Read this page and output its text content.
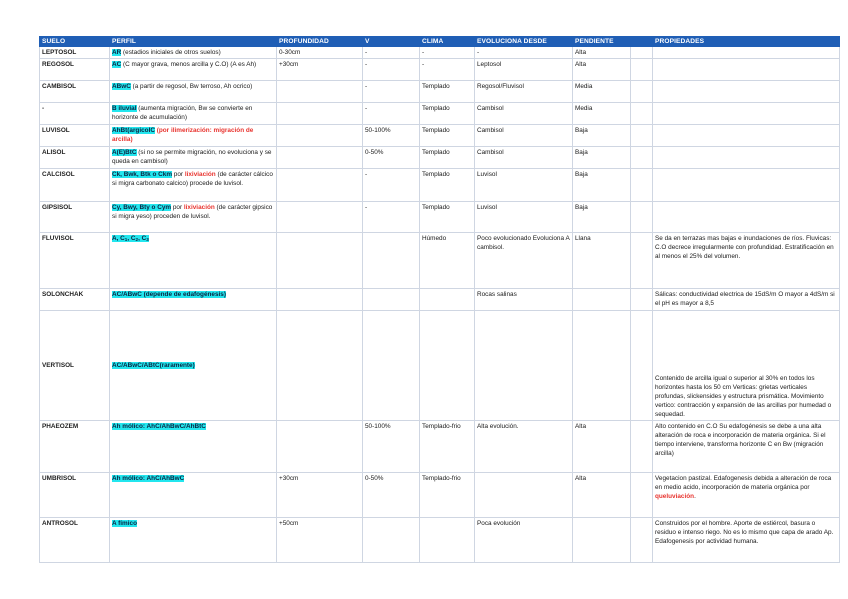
SUELO	PERFIL	PROFUNDIDAD	V	CLIMA	EVOLUCIONA DESDE	PENDIENTE		PROPIEDADES
LEPTOSOL	AR (estadios iniciales de otros suelos)	0-30cm	-	-	-	Alta		
REGOSOL	AC (C mayor grava, menos arcilla y C.O) (A es Ah)	+30cm	-	-	Leptosol	Alta		
CAMBISOL	ABwC (a partir de regosol, Bw terroso, Ah ocrico)		-	Templado	Regosol/Fluvisol	Media		
-	B iluvial (aumenta migración, Bw se convierte en horizonte de acumulación)		-	Templado	Cambisol	Media		
LUVISOL	AhBt(argicoIC (por ilimerización: migración de arcilla)		50-100%	Templado	Cambisol	Baja		
ALISOL	A(E)BtC (si no se permite migración, no evoluciona y se queda en cambisol)		0-50%	Templado	Cambisol	Baja		
CALCISOL	Ck, Bwk, Btk o Ckm por lixiviación (de carácter cálcico si migra carbonato calcico) procede de luvisol.		-	Templado	Luvisol	Baja		
GIPSISOL	Cy, Bwy, Bty o Cym por lixiviación (de carácter gipsico si migra yeso) proceden de luvisol.		-	Templado	Luvisol	Baja		
FLUVISOL	A, $C_1$, $C_2$, $C_3$			Húmedo	Poco evolucionado Evoluciona A cambisol.	Llana		Se da en terrazas mas bajas e inundaciones de ríos. Fluvicas: C.O decrece irregularmente con profundidad. Estratificación en al menos el 25% del volumen.
SOLONCHAK	AC/ABwC (depende de edafogénesis)				Rocas salinas			Sálicas: conductividad electrica de 15dS/m O mayor a 4dS/m si el pH es mayor a 8,5
VERTISOL	AC/ABwC/ABtC(raramente)							Contenido de arcilla igual o superior al 30% en todos los horizontes hasta los 50 cm Verticas: grietas verticales profundas, slickensides y estructura prismática. Movimiento vertico: contracción y expansión de las arcillas por humedad o sequedad.
PHAEOZEM	Ah mólico: AhC/AhBwC/AhBtC		50-100%	Templado-frio	Alta evolución.	Alta		Alto contenido en C.O Su edafogénesis se debe a una alta alteración de roca e incorporación de materia orgánica. Si el tiempo interviene, transforma horizonte C en Bw (migración arcilla)
UMBRISOL	Ah mólico: AhC/AhBwC	+30cm	0-50%	Templado-frio		Alta		Vegetacion pastizal. Edafogenesis debida a alteración de roca en medio acido, incorporación de materia orgánica por queluviación.
ANTROSOL	A fímico	+50cm			Poca evolución			Construidos por el hombre. Aporte de estiércol, basura o residuo e intenso riego. No es lo mismo que capa de arado Ap. Edafogenesis por actividad humana.
